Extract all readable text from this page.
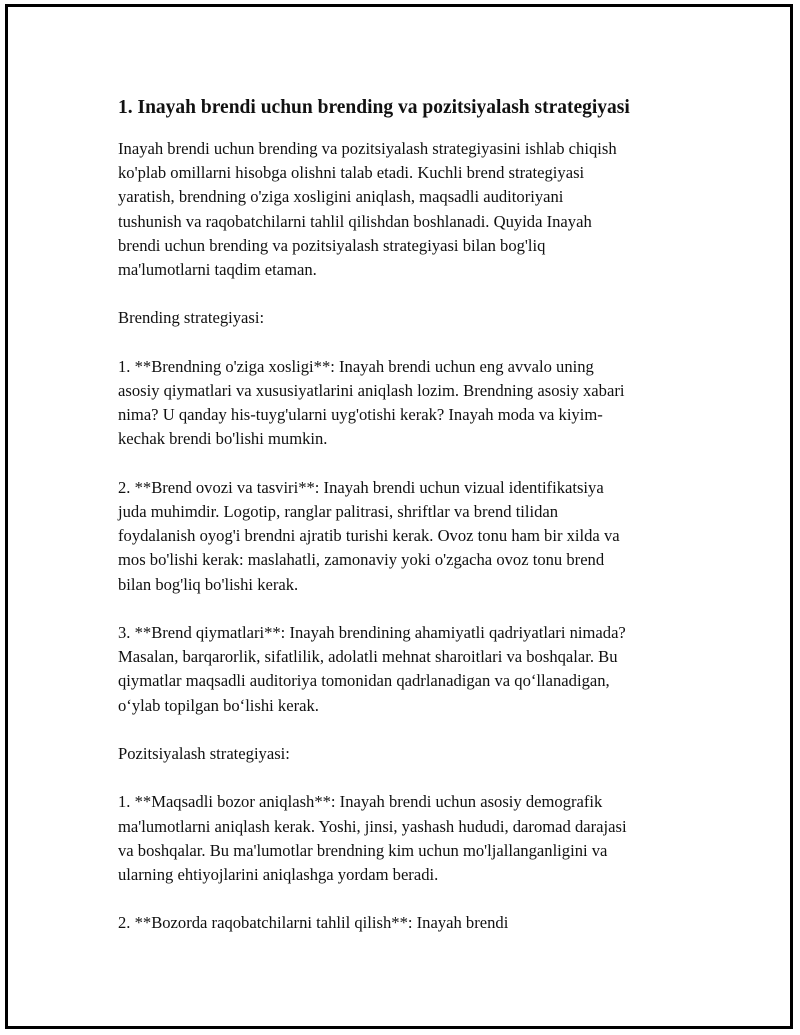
1. Inayah brendi uchun brending va pozitsiyalash strategiyasi
Inayah brendi uchun brending va pozitsiyalash strategiyasini ishlab chiqish
ko'plab omillarni hisobga olishni talab etadi. Kuchli brend strategiyasi
yaratish, brendning o'ziga xosligini aniqlash, maqsadli auditoriyani
tushunish va raqobatchilarni tahlil qilishdan boshlanadi. Quyida Inayah
brendi uchun brending va pozitsiyalash strategiyasi bilan bog'liq
ma'lumotlarni taqdim etaman.
Brending strategiyasi:
1. **Brendning o'ziga xosligi**: Inayah brendi uchun eng avvalo uning
asosiy qiymatlari va xususiyatlarini aniqlash lozim. Brendning asosiy xabari
nima? U qanday his-tuyg'ularni uyg'otishi kerak? Inayah moda va kiyim-
kechak brendi bo'lishi mumkin.
2. **Brend ovozi va tasviri**: Inayah brendi uchun vizual identifikatsiya
juda muhimdir. Logotip, ranglar palitrasi, shriftlar va brend tilidan
foydalanish oyog'i brendni ajratib turishi kerak. Ovoz tonu ham bir xilda va
mos bo'lishi kerak: maslahatli, zamonaviy yoki o'zgacha ovoz tonu brend
bilan bog'liq bo'lishi kerak.
3. **Brend qiymatlari**: Inayah brendining ahamiyatli qadriyatlari nimada?
Masalan, barqarorlik, sifatlilik, adolatli mehnat sharoitlari va boshqalar. Bu
qiymatlar maqsadli auditoriya tomonidan qadrlanadigan va qo‘llanadigan,
o‘ylab topilgan bo‘lishi kerak.
Pozitsiyalash strategiyasi:
1. **Maqsadli bozor aniqlash**: Inayah brendi uchun asosiy demografik
ma'lumotlarni aniqlash kerak. Yoshi, jinsi, yashash hududi, daromad darajasi
va boshqalar. Bu ma'lumotlar brendning kim uchun mo'ljallanganligini va
ularning ehtiyojlarini aniqlashga yordam beradi.
2. **Bozorda raqobatchilarni tahlil qilish**: Inayah brendi
